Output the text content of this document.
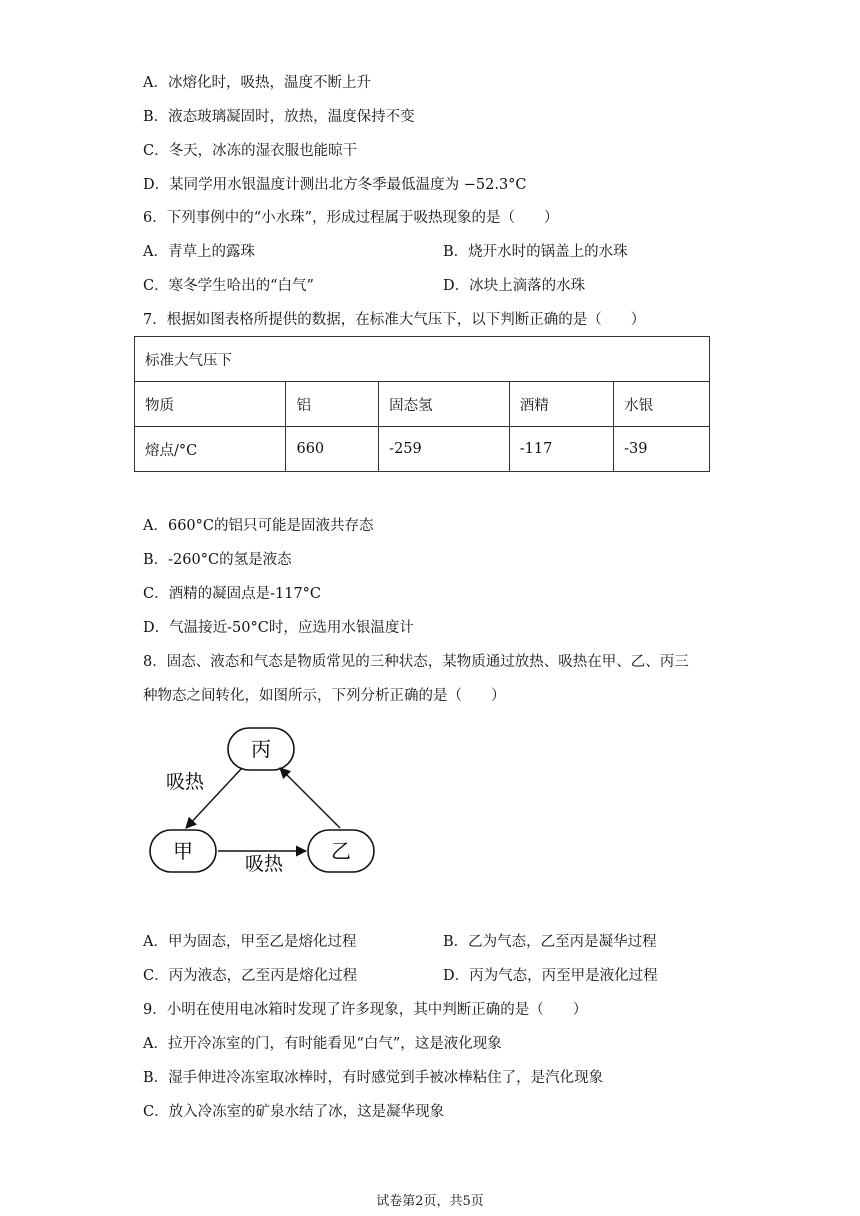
A．冰熔化时，吸热，温度不断上升
B．液态玻璃凝固时，放热，温度保持不变
C．冬天，冰冻的湿衣服也能晾干
D．某同学用水银温度计测出北方冬季最低温度为 −52.3°C
6．下列事例中的“小水珠”，形成过程属于吸热现象的是（　　）
A．青草上的露珠
C．寒冬学生哈出的“白气”
7．根据如图表格所提供的数据，在标准大气压下，以下判断正确的是（　　）
A．660°C的铝只可能是固液共存态
B．-260°C的氢是液态
C．酒精的凝固点是-117°C
D．气温接近-50°C时，应选用水银温度计
8．固态、液态和气态是物质常见的三种状态，某物质通过放热、吸热在甲、乙、丙三
种物态之间转化，如图所示，下列分析正确的是（　　）
A．甲为固态，甲至乙是熔化过程
C．丙为液态，乙至丙是熔化过程
9．小明在使用电冰箱时发现了许多现象，其中判断正确的是（　　）
A．拉开冷冻室的门，有时能看见“白气”，这是液化现象
B．湿手伸进冷冻室取冰棒时，有时感觉到手被冰棒粘住了，是汽化现象
C．放入冷冻室的矿泉水结了冰，这是凝华现象
B．烧开水时的锅盖上的水珠
D．冰块上滴落的水珠
B．乙为气态，乙至丙是凝华过程
D．丙为气态，丙至甲是液化过程
标准大气压下				
物质	铝	固态氢	酒精	水银
熔点/°C	660	-259	-117	-39
丙
甲	乙
吸热
吸热
试卷第2页，共5页
